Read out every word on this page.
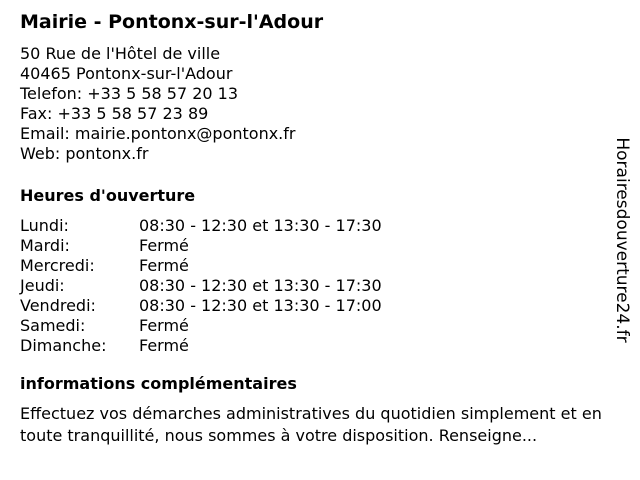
Mairie - Pontonx-sur-l'Adour
50 Rue de l'Hôtel de ville
40465 Pontonx-sur-l'Adour
Telefon: +33 5 58 57 20 13
Fax: +33 5 58 57 23 89
Email: mairie.pontonx@pontonx.fr
Web: pontonx.fr
Heures d'ouverture
Lundi:	08:30 - 12:30 et 13:30 - 17:30
Mardi:	Fermé
Mercredi:	Fermé
Jeudi:	08:30 - 12:30 et 13:30 - 17:30
Vendredi:	08:30 - 12:30 et 13:30 - 17:00
Samedi:	Fermé
Dimanche:	Fermé
informations complémentaires
Effectuez vos démarches administratives du quotidien simplement et en toute tranquillité, nous sommes à votre disposition. Renseigne...
Horairesdouverture24.fr
